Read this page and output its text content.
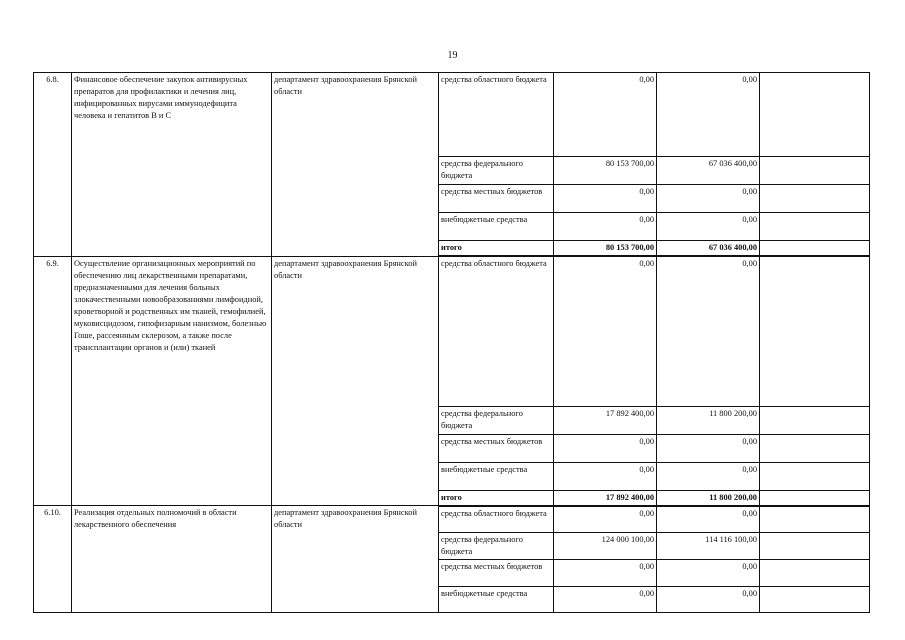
19
6.8.	Финансовое обеспечение закупок антивирусных препаратов для профилактики и лечения лиц, инфицированных вирусами иммунодефицита человека и гепатитов В и С	департамент здравоохранения Брянской области	средства областного бюджета	0,00	0,00	
			средства федерального бюджета	80 153 700,00	67 036 400,00	
			средства местных бюджетов	0,00	0,00	
			внебюджетные средства	0,00	0,00	
			итого	80 153 700,00	67 036 400,00	
6.9.	Осуществление организационных мероприятий по обеспечению лиц лекарственными препаратами, предназначенными для лечения больных злокачественными новообразованиями лимфоидной, кроветворной и родственных им тканей, гемофилией, муковисцидозом, гипофизарным нанизмом, болезнью Гоше, рассеянным склерозом, а также после трансплантации органов и (или) тканей	департамент здравоохранения Брянской области	средства областного бюджета	0,00	0,00	
			средства федерального бюджета	17 892 400,00	11 800 200,00	
			средства местных бюджетов	0,00	0,00	
			внебюджетные средства	0,00	0,00	
			итого	17 892 400,00	11 800 200,00	
6.10.	Реализация отдельных полномочий в области лекарственного обеспечения	департамент здравоохранения Брянской области	средства областного бюджета	0,00	0,00	
			средства федерального бюджета	124 000 100,00	114 116 100,00	
			средства местных бюджетов	0,00	0,00	
			внебюджетные средства	0,00	0,00	
